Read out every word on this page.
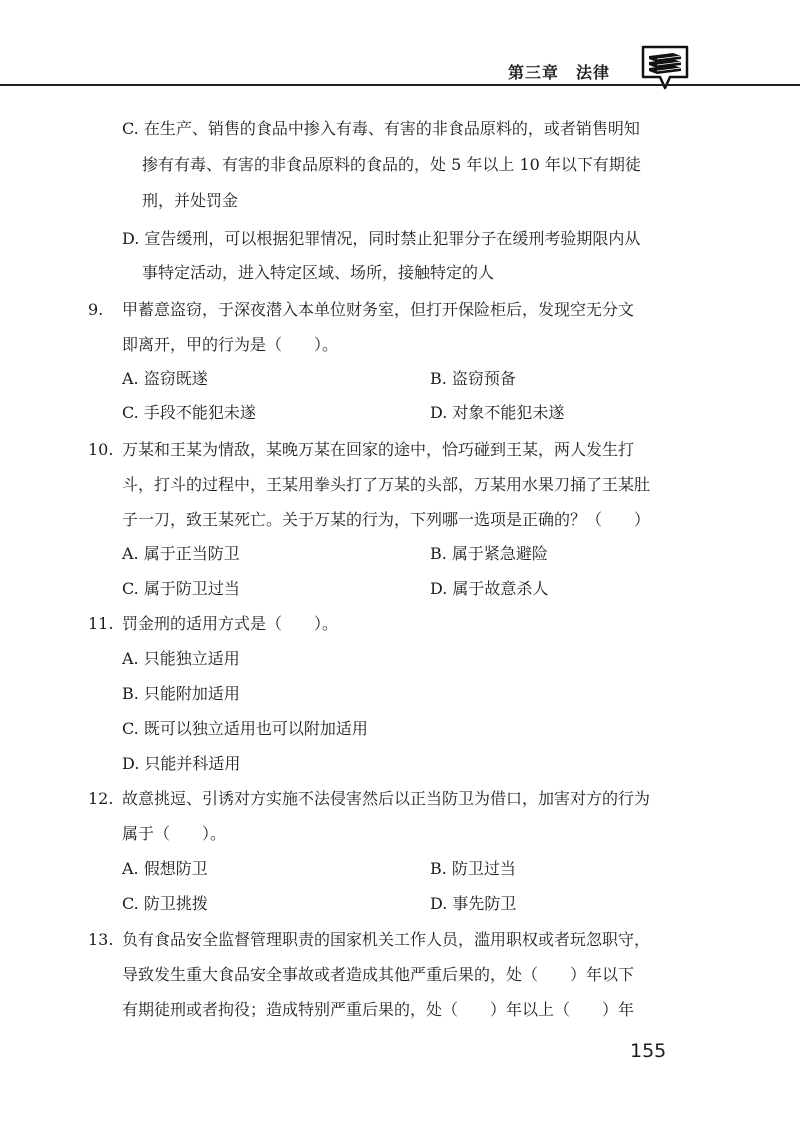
第三章　法律
C. 在生产、销售的食品中掺入有毒、有害的非食品原料的，或者销售明知
掺有有毒、有害的非食品原料的食品的，处 5 年以上 10 年以下有期徒
刑，并处罚金
D. 宣告缓刑，可以根据犯罪情况，同时禁止犯罪分子在缓刑考验期限内从
事特定活动，进入特定区域、场所，接触特定的人
9. 甲蓄意盗窃，于深夜潜入本单位财务室，但打开保险柜后，发现空无分文
即离开，甲的行为是（　　）。
A. 盗窃既遂	B. 盗窃预备
C. 手段不能犯未遂	D. 对象不能犯未遂
10. 万某和王某为情敌，某晚万某在回家的途中，恰巧碰到王某，两人发生打
斗，打斗的过程中，王某用拳头打了万某的头部，万某用水果刀捅了王某肚
子一刀，致王某死亡。关于万某的行为，下列哪一选项是正确的？（　　）
A. 属于正当防卫	B. 属于紧急避险
C. 属于防卫过当	D. 属于故意杀人
11. 罚金刑的适用方式是（　　）。
A. 只能独立适用
B. 只能附加适用
C. 既可以独立适用也可以附加适用
D. 只能并科适用
12. 故意挑逗、引诱对方实施不法侵害然后以正当防卫为借口，加害对方的行为
属于（　　）。
A. 假想防卫	B. 防卫过当
C. 防卫挑拨	D. 事先防卫
13. 负有食品安全监督管理职责的国家机关工作人员，滥用职权或者玩忽职守，
导致发生重大食品安全事故或者造成其他严重后果的，处（　　）年以下
有期徒刑或者拘役；造成特别严重后果的，处（　　）年以上（　　）年
155
